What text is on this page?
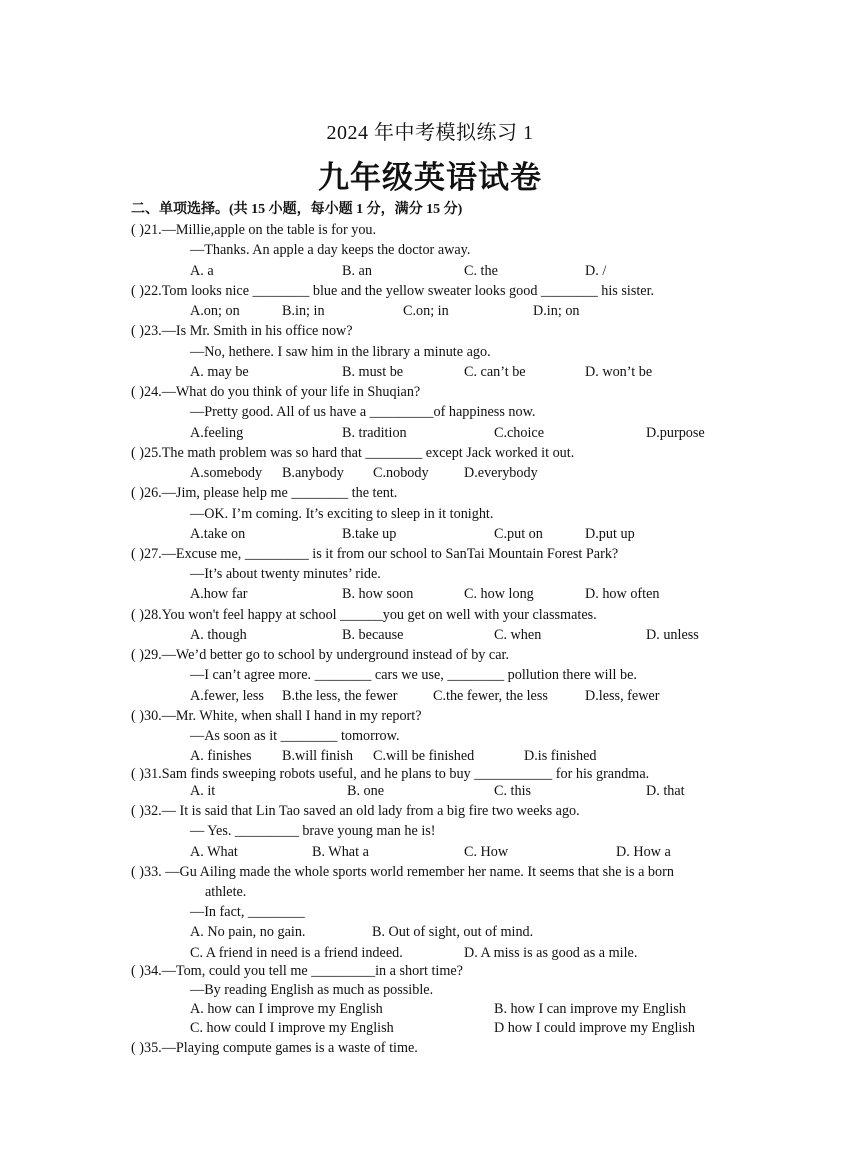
2024 年中考模拟练习 1
九年级英语试卷
二、单项选择。(共 15 小题，每小题 1 分，满分 15 分)
( )21.—Millie,apple on the table is for you.
—Thanks. An apple a day keeps the doctor away.
A. a	B. an	C. the	D. /
( )22.Tom looks nice ________ blue and the yellow sweater looks good ________ his sister.
A.on; on	B.in; in	C.on; in	D.in; on
( )23.—Is Mr. Smith in his office now?
—No, hethere. I saw him in the library a minute ago.
A. may be	B. must be	C. can’t be	D. won’t be
( )24.—What do you think of your life in Shuqian?
—Pretty good. All of us have a _________of happiness now.
A.feeling	B. tradition	C.choice	D.purpose
( )25.The math problem was so hard that ________ except Jack worked it out.
A.somebody B.anybody C.nobody D.everybody
( )26.—Jim, please help me ________ the tent.
—OK. I’m coming. It’s exciting to sleep in it tonight.
A.take on	B.take up	C.put on	D.put up
( )27.—Excuse me, _________ is it from our school to SanTai Mountain Forest Park?
—It’s about twenty minutes’ ride.
A.how far	B. how soon	C. how long	D. how often
( )28.You won't feel happy at school ______you get on well with your classmates.
A. though	B. because	C. when	D. unless
( )29.—We’d better go to school by underground instead of by car.
—I can’t agree more. ________ cars we use, ________ pollution there will be.
A.fewer, less B.the less, the fewer	C.the fewer, the less	D.less, fewer
( )30.—Mr. White, when shall I hand in my report?
—As soon as it ________ tomorrow.
A. finishes B.will finish C.will be finished	D.is finished
( )31.Sam finds sweeping robots useful, and he plans to buy ___________ for his grandma.
A. it	B. one	C. this	D. that
( )32.— It is said that Lin Tao saved an old lady from a big fire two weeks ago.
— Yes. _________ brave young man he is!
A. What	B. What a	C. How	D. How a
( )33. —Gu Ailing made the whole sports world remember her name. It seems that she is a born
athlete.
—In fact, ________
A. No pain, no gain.	B. Out of sight, out of mind.
C. A friend in need is a friend indeed.	D. A miss is as good as a mile.
( )34.—Tom, could you tell me _________in a short time?
—By reading English as much as possible.
A. how can I improve my English	B. how I can improve my English
C. how could I improve my English	D how I could improve my English
( )35.—Playing compute games is a waste of time.
